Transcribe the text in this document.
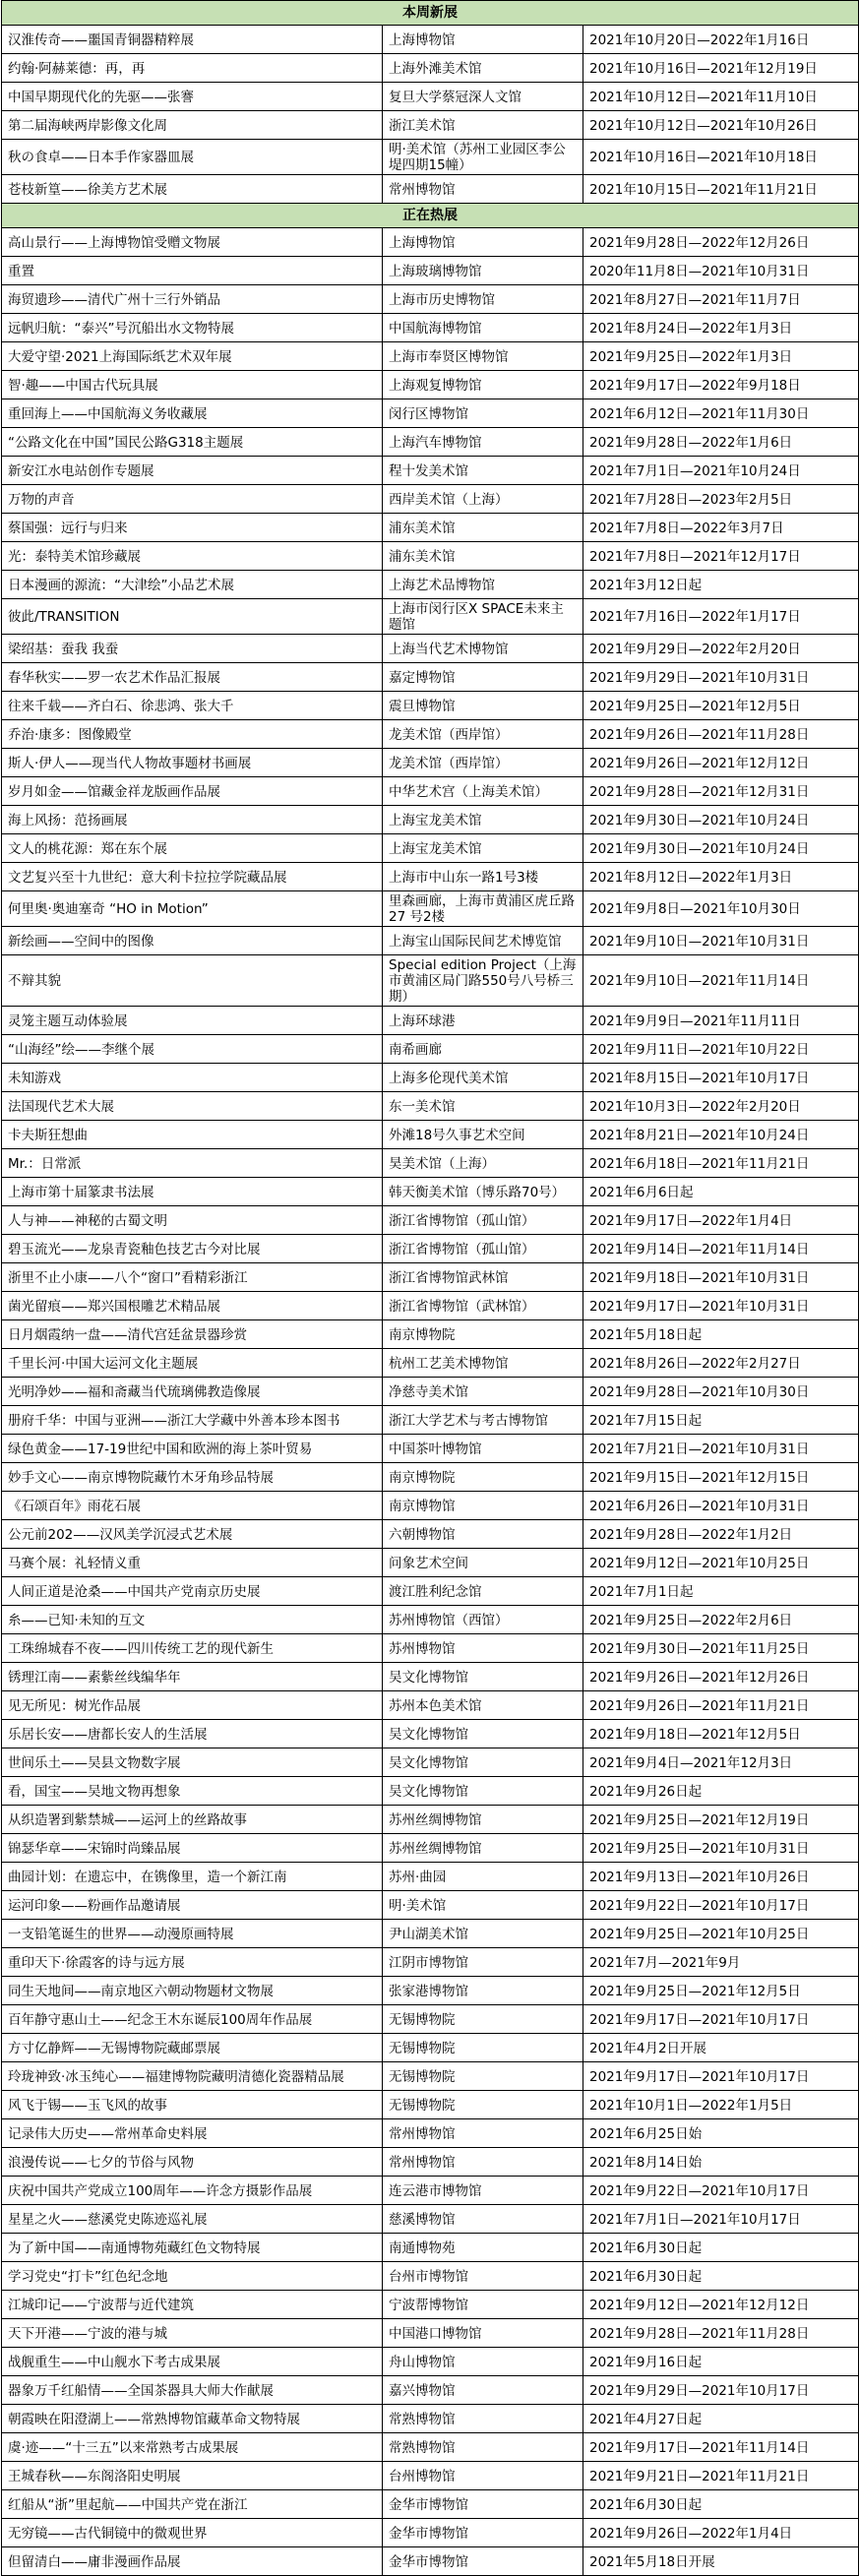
本周新展		
汉淮传奇——噩国青铜器精粹展	上海博物馆	2021年10月20日—2022年1月16日
约翰·阿赫莱德：再，再	上海外滩美术馆	2021年10月16日—2021年12月19日
中国早期现代化的先驱——张謇	复旦大学蔡冠深人文馆	2021年10月12日—2021年11月10日
第二届海峡两岸影像文化周	浙江美术馆	2021年10月12日—2021年10月26日
秋の食卓——日本手作家器皿展	明·美术馆（苏州工业园区李公堤四期15幢）	2021年10月16日—2021年10月18日
苍枝新篁——徐美方艺术展	常州博物馆	2021年10月15日—2021年11月21日
正在热展		
高山景行——上海博物馆受赠文物展	上海博物馆	2021年9月28日—2022年12月26日
重置	上海玻璃博物馆	2020年11月8日—2021年10月31日
海贸遗珍——清代广州十三行外销品	上海市历史博物馆	2021年8月27日—2021年11月7日
远帆归航：“泰兴”号沉船出水文物特展	中国航海博物馆	2021年8月24日—2022年1月3日
大爱守望·2021上海国际纸艺术双年展	上海市奉贤区博物馆	2021年9月25日—2022年1月3日
智·趣——中国古代玩具展	上海观复博物馆	2021年9月17日—2022年9月18日
重回海上——中国航海义务收藏展	闵行区博物馆	2021年6月12日—2021年11月30日
“公路文化在中国”国民公路G318主题展	上海汽车博物馆	2021年9月28日—2022年1月6日
新安江水电站创作专题展	程十发美术馆	2021年7月1日—2021年10月24日
万物的声音	西岸美术馆（上海）	2021年7月28日—2023年2月5日
蔡国强：远行与归来	浦东美术馆	2021年7月8日—2022年3月7日
光：泰特美术馆珍藏展	浦东美术馆	2021年7月8日—2021年12月17日
日本漫画的源流：“大津绘”小品艺术展	上海艺术品博物馆	2021年3月12日起
彼此/TRANSITION	上海市闵行区X SPACE未来主题馆	2021年7月16日—2022年1月17日
梁绍基：蚕我 我蚕	上海当代艺术博物馆	2021年9月29日—2022年2月20日
春华秋实——罗一农艺术作品汇报展	嘉定博物馆	2021年9月29日—2021年10月31日
往来千载——齐白石、徐悲鸿、张大千	震旦博物馆	2021年9月25日—2021年12月5日
乔治·康多：图像殿堂	龙美术馆（西岸馆）	2021年9月26日—2021年11月28日
斯人·伊人——现当代人物故事题材书画展	龙美术馆（西岸馆）	2021年9月26日—2021年12月12日
岁月如金——馆藏金祥龙版画作品展	中华艺术宫（上海美术馆）	2021年9月28日—2021年12月31日
海上风扬：范扬画展	上海宝龙美术馆	2021年9月30日—2021年10月24日
文人的桃花源：郑在东个展	上海宝龙美术馆	2021年9月30日—2021年10月24日
文艺复兴至十九世纪：意大利卡拉拉学院藏品展	上海市中山东一路1号3楼	2021年8月12日—2022年1月3日
何里奥·奥迪塞奇 “HO in Motion”	里森画廊，上海市黄浦区虎丘路 27 号2楼	2021年9月8日—2021年10月30日
新绘画——空间中的图像	上海宝山国际民间艺术博览馆	2021年9月10日—2021年10月31日
不辩其貌	Special edition Project（上海市黄浦区局门路550号八号桥三期）	2021年9月10日—2021年11月14日
灵笼主题互动体验展	上海环球港	2021年9月9日—2021年11月11日
“山海经”绘——李继个展	南希画廊	2021年9月11日—2021年10月22日
未知游戏	上海多伦现代美术馆	2021年8月15日—2021年10月17日
法国现代艺术大展	东一美术馆	2021年10月3日—2022年2月20日
卡夫斯狂想曲	外滩18号久事艺术空间	2021年8月21日—2021年10月24日
Mr.：日常派	昊美术馆（上海）	2021年6月18日—2021年11月21日
上海市第十届篆隶书法展	韩天衡美术馆（博乐路70号）	2021年6月6日起
人与神——神秘的古蜀文明	浙江省博物馆（孤山馆）	2021年9月17日—2022年1月4日
碧玉流光——龙泉青瓷釉色技艺古今对比展	浙江省博物馆（孤山馆）	2021年9月14日—2021年11月14日
浙里不止小康——八个“窗口”看精彩浙江	浙江省博物馆武林馆	2021年9月18日—2021年10月31日
菌光留痕——郑兴国根雕艺术精品展	浙江省博物馆（武林馆）	2021年9月17日—2021年10月31日
日月烟霞纳一盘——清代宫廷盆景器珍赏	南京博物院	2021年5月18日起
千里长河·中国大运河文化主题展	杭州工艺美术博物馆	2021年8月26日—2022年2月27日
光明净妙——福和斋藏当代琉璃佛教造像展	净慈寺美术馆	2021年9月28日—2021年10月30日
册府千华：中国与亚洲——浙江大学藏中外善本珍本图书	浙江大学艺术与考古博物馆	2021年7月15日起
绿色黄金——17-19世纪中国和欧洲的海上茶叶贸易	中国茶叶博物馆	2021年7月21日—2021年10月31日
妙手文心——南京博物院藏竹木牙角珍品特展	南京博物院	2021年9月15日—2021年12月15日
《石颂百年》雨花石展	南京博物馆	2021年6月26日—2021年10月31日
公元前202——汉风美学沉浸式艺术展	六朝博物馆	2021年9月28日—2022年1月2日
马赛个展：礼轻情义重	问象艺术空间	2021年9月12日—2021年10月25日
人间正道是沧桑——中国共产党南京历史展	渡江胜利纪念馆	2021年7月1日起
糸——已知·未知的互文	苏州博物馆（西馆）	2021年9月25日—2022年2月6日
工珠绵城春不夜——四川传统工艺的现代新生	苏州博物馆	2021年9月30日—2021年11月25日
锈理江南——素紫丝线编华年	吴文化博物馆	2021年9月26日—2021年12月26日
见无所见：树光作品展	苏州本色美术馆	2021年9月26日—2021年11月21日
乐居长安——唐都长安人的生活展	吴文化博物馆	2021年9月18日—2021年12月5日
世间乐土——吴县文物数字展	吴文化博物馆	2021年9月4日—2021年12月3日
看，国宝——吴地文物再想象	吴文化博物馆	2021年9月26日起
从织造署到紫禁城——运河上的丝路故事	苏州丝绸博物馆	2021年9月25日—2021年12月19日
锦瑟华章——宋锦时尚臻品展	苏州丝绸博物馆	2021年9月25日—2021年10月31日
曲园计划：在遗忘中，在镌像里，造一个新江南	苏州·曲园	2021年9月13日—2021年10月26日
运河印象——粉画作品邀请展	明·美术馆	2021年9月22日—2021年10月17日
一支铅笔诞生的世界——动漫原画特展	尹山湖美术馆	2021年9月25日—2021年10月25日
重印天下·徐霞客的诗与远方展	江阴市博物馆	2021年7月—2021年9月
同生天地间——南京地区六朝动物题材文物展	张家港博物馆	2021年9月25日—2021年12月5日
百年静守惠山土——纪念王木东诞辰100周年作品展	无锡博物院	2021年9月17日—2021年10月17日
方寸亿静辉——无锡博物院藏邮票展	无锡博物院	2021年4月2日开展
玲珑神致·冰玉纯心——福建博物院藏明清德化瓷器精品展	无锡博物院	2021年9月17日—2021年10月17日
风飞于锡——玉飞风的故事	无锡博物院	2021年10月1日—2022年1月5日
记录伟大历史——常州革命史料展	常州博物馆	2021年6月25日始
浪漫传说——七夕的节俗与风物	常州博物馆	2021年8月14日始
庆祝中国共产党成立100周年——许念方摄影作品展	连云港市博物馆	2021年9月22日—2021年10月17日
星星之火——慈溪党史陈迹巡礼展	慈溪博物馆	2021年7月1日—2021年10月17日
为了新中国——南通博物苑藏红色文物特展	南通博物苑	2021年6月30日起
学习党史“打卡”红色纪念地	台州市博物馆	2021年6月30日起
江城印记——宁波帮与近代建筑	宁波帮博物馆	2021年9月12日—2021年12月12日
天下开港——宁波的港与城	中国港口博物馆	2021年9月28日—2021年11月28日
战舰重生——中山舰水下考古成果展	舟山博物馆	2021年9月16日起
器象万千红船情——全国茶器具大师大作献展	嘉兴博物馆	2021年9月29日—2021年10月17日
朝霞映在阳澄湖上——常熟博物馆藏革命文物特展	常熟博物馆	2021年4月27日起
虞·迹——“十三五”以来常熟考古成果展	常熟博物馆	2021年9月17日—2021年11月14日
王城春秋——东阁洛阳史明展	台州博物馆	2021年9月21日—2021年11月21日
红船从“浙”里起航——中国共产党在浙江	金华市博物馆	2021年6月30日起
无穷镜——古代铜镜中的微观世界	金华市博物馆	2021年9月26日—2022年1月4日
但留清白——庸非漫画作品展	金华市博物馆	2021年5月18日开展
